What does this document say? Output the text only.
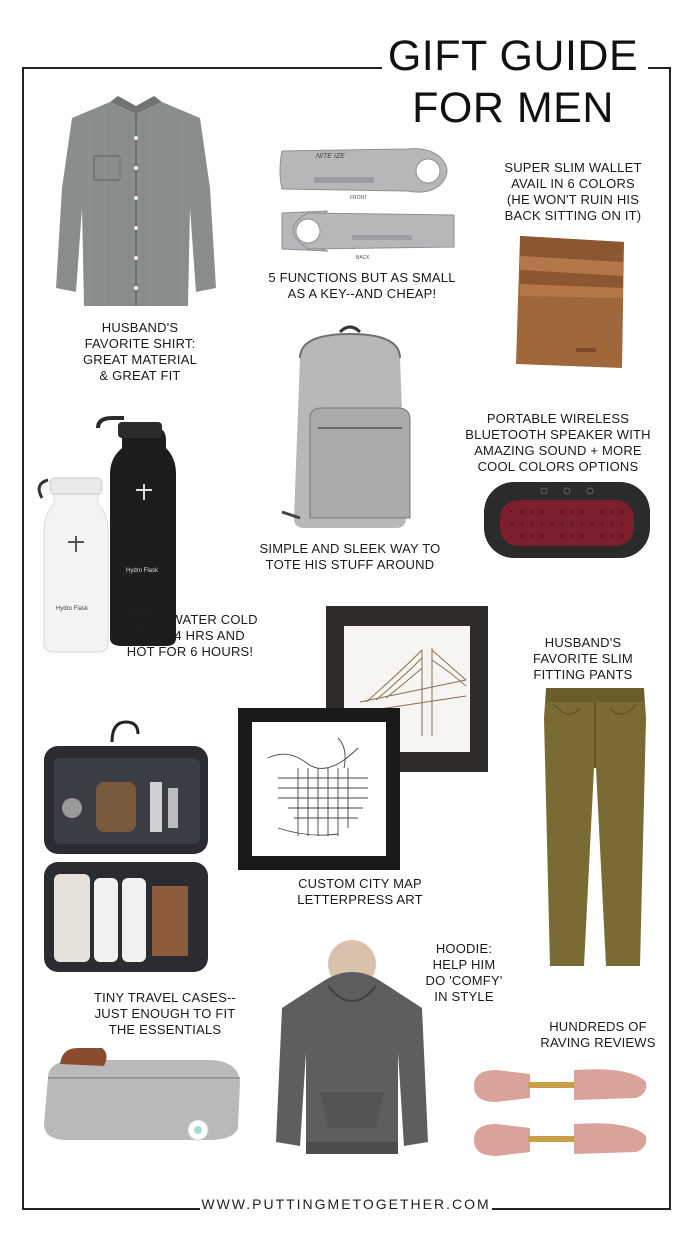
GIFT GUIDE
FOR MEN
HUSBAND'S
FAVORITE SHIRT:
GREAT MATERIAL
& GREAT FIT
NITE IZE
FRONT
BACK
5 FUNCTIONS BUT AS SMALL
AS A KEY--AND CHEAP!
SUPER SLIM WALLET
AVAIL IN 6 COLORS
(HE WON'T RUIN HIS
BACK SITTING ON IT)
SIMPLE AND SLEEK WAY TO
TOTE HIS STUFF AROUND
PORTABLE WIRELESS
BLUETOOTH SPEAKER WITH
AMAZING SOUND + MORE
COOL COLORS OPTIONS
Hydro Flask
Hydro Flask
KEEPS WATER COLD
FOR 24 HRS AND
HOT FOR 6 HOURS!
CUSTOM CITY MAP
LETTERPRESS ART
HUSBAND'S
FAVORITE SLIM
FITTING PANTS
TINY TRAVEL CASES--
JUST ENOUGH TO FIT
THE ESSENTIALS
HOODIE:
HELP HIM
DO 'COMFY'
IN STYLE
HUNDREDS OF
RAVING REVIEWS
WWW.PUTTINGMETOGETHER.COM
